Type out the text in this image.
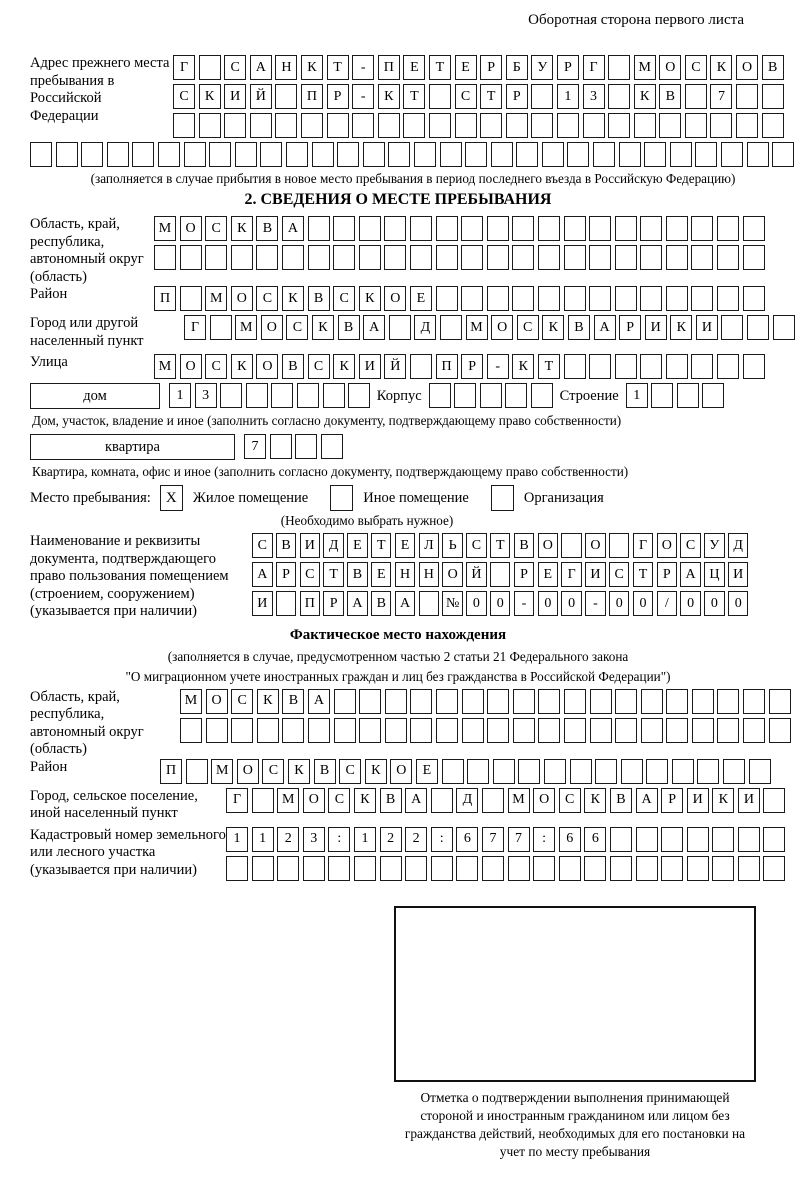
Оборотная сторона первого листа
Адрес прежнего места пребывания в Российской Федерации
Г	С	А	Н	К	Т	-	П	Е	Т	Е	Р	Б	У	Р	Г	М	О	С	К	О	В
С	К	И	Й	П	Р	-	К	Т	С	Т	Р	1	3	К	В	7
(заполняется в случае прибытия в новое место пребывания в период последнего въезда в Российскую Федерацию)
2. СВЕДЕНИЯ О МЕСТЕ ПРЕБЫВАНИЯ
Область, край, республика, автономный округ (область)
М	О	С	К	В	А
Район	П	М	О	С	К	В	С	К	О	Е
Город или другой населенный пункт
Г	М	О	С	К	В	А	Д	М	О	С	К	В	А	Р	И	К	И
Улица	М	О	С	К	О	В	С	К	И	Й	П	Р	-	К	Т
дом	1	3	Корпус	Строение	1
Дом, участок, владение и иное (заполнить согласно документу, подтверждающему право собственности)
квартира	7
Квартира, комната, офис и иное (заполнить согласно документу, подтверждающему право собственности)
Место пребывания:	X	Жилое помещение	Иное помещение	Организация
(Необходимо выбрать нужное)
Наименование и реквизиты документа, подтверждающего право пользования помещением (строением, сооружением) (указывается при наличии)
С	В	И Д	Е	Т	Е	Л	Ь	С	Т	В	О	О	Г	О	С	У	Д
А	Р	С	Т	В	Е	Н Н О Й	Р	Е	Г	И	С	Т	Р	А Ц И
И	П	Р	А	В	А	№ 0	0	-	0	0	-	0	0	/	0	0	0
Фактическое место нахождения
(заполняется в случае, предусмотренном частью 2 статьи 21 Федерального закона
"О миграционном учете иностранных граждан и лиц без гражданства в Российской Федерации")
Область, край, республика, автономный округ (область)
М	О	С	К	В	А
Район	П	М	О	С	К	В	С	К	О	Е
Город, сельское поселение, иной населенный пункт
Г	М	О	С	К	В	А	Д	М	О	С	К	В	А	Р	И	К	И
Кадастровый номер земельного или лесного участка (указывается при наличии)
1	1	2	3	:	1	2	2	:	6	7	7	:	6	6
Отметка о подтверждении выполнения принимающей стороной и иностранным гражданином или лицом без гражданства действий, необходимых для его постановки на учет по месту пребывания
